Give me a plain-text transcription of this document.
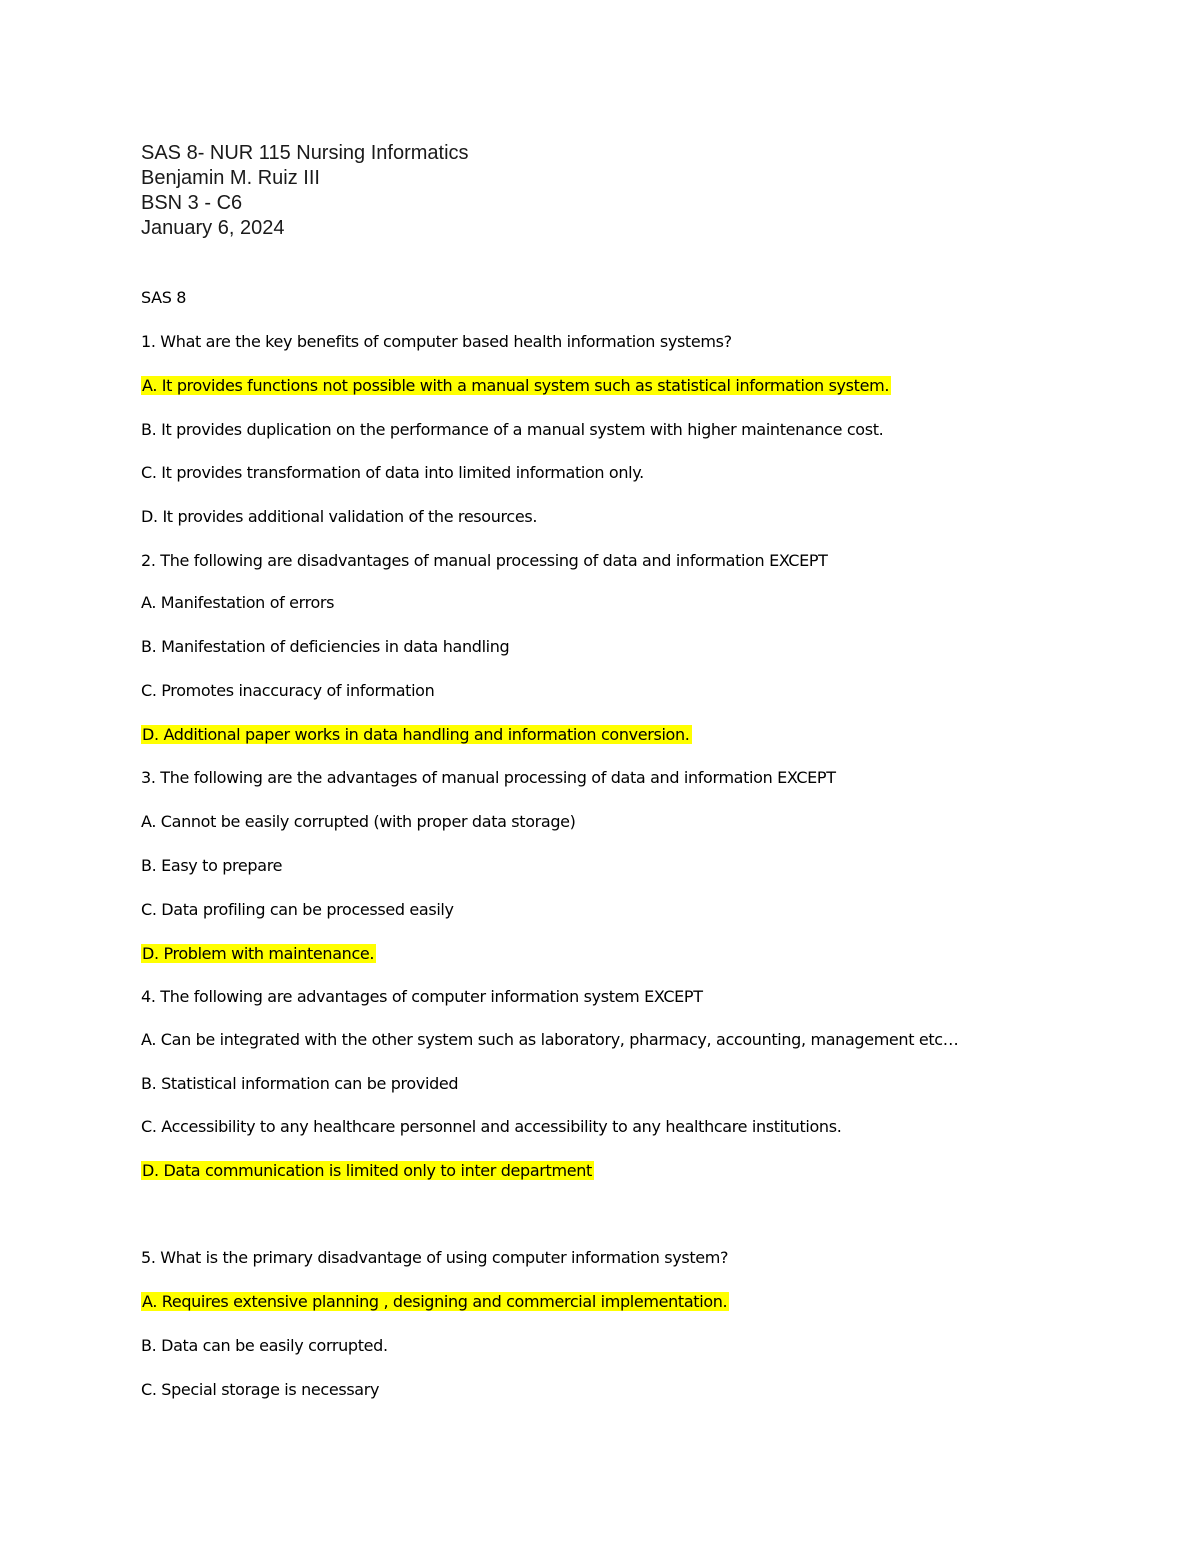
SAS 8- NUR 115 Nursing Informatics
Benjamin M. Ruiz III
BSN 3 - C6
January 6, 2024
SAS 8
1. What are the key benefits of computer based health information systems?
A. It provides functions not possible with a manual system such as statistical information system.
B. It provides duplication on the performance of a manual system with higher maintenance cost.
C. It provides transformation of data into limited information only.
D. It provides additional validation of the resources.
2. The following are disadvantages of manual processing of data and information EXCEPT
A. Manifestation of errors
B. Manifestation of deficiencies in data handling
C. Promotes inaccuracy of information
D. Additional paper works in data handling and information conversion.
3. The following are the advantages of manual processing of data and information EXCEPT
A. Cannot be easily corrupted (with proper data storage)
B. Easy to prepare
C. Data profiling can be processed easily
D. Problem with maintenance.
4. The following are advantages of computer information system EXCEPT
A. Can be integrated with the other system such as laboratory, pharmacy, accounting, management etc…
B. Statistical information can be provided
C. Accessibility to any healthcare personnel and accessibility to any healthcare institutions.
D. Data communication is limited only to inter department
5. What is the primary disadvantage of using computer information system?
A. Requires extensive planning , designing and commercial implementation.
B. Data can be easily corrupted.
C. Special storage is necessary
